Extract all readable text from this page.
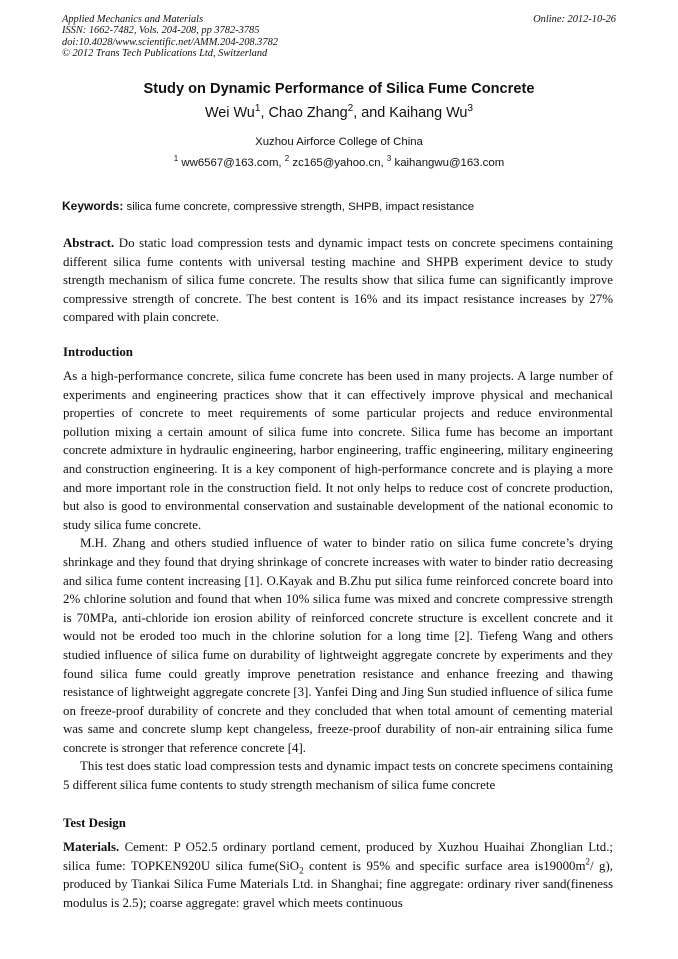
Applied Mechanics and Materials
ISSN: 1662-7482, Vols. 204-208, pp 3782-3785
doi:10.4028/www.scientific.net/AMM.204-208.3782
© 2012 Trans Tech Publications Ltd, Switzerland
Online: 2012-10-26
Study on Dynamic Performance of Silica Fume Concrete
Wei Wu$^1$, Chao Zhang$^2$, and Kaihang Wu$^3$
Xuzhou Airforce College of China
$^1$ ww6567@163.com, $^2$ zc165@yahoo.cn, $^3$ kaihangwu@163.com
Keywords: silica fume concrete, compressive strength, SHPB, impact resistance

Abstract. Do static load compression tests and dynamic impact tests on concrete specimens containing different silica fume contents with universal testing machine and SHPB experiment device to study strength mechanism of silica fume concrete. The results show that silica fume can significantly improve compressive strength of concrete. The best content is 16% and its impact resistance increases by 27% compared with plain concrete.

Introduction

As a high-performance concrete, silica fume concrete has been used in many projects. A large number of experiments and engineering practices show that it can effectively improve physical and mechanical properties of concrete to meet requirements of some particular projects and reduce environmental pollution mixing a certain amount of silica fume into concrete. Silica fume has become an important concrete admixture in hydraulic engineering, harbor engineering, traffic engineering, military engineering and construction engineering. It is a key component of high-performance concrete and is playing a more and more important role in the construction field. It not only helps to reduce cost of concrete production, but also is good to environmental conservation and sustainable development of the national economic to study silica fume concrete.

M.H. Zhang and others studied influence of water to binder ratio on silica fume concrete’s drying shrinkage and they found that drying shrinkage of concrete increases with water to binder ratio decreasing and silica fume content increasing [1]. O.Kayak and B.Zhu put silica fume reinforced concrete board into 2% chlorine solution and found that when 10% silica fume was mixed and concrete compressive strength is 70MPa, anti-chloride ion erosion ability of reinforced concrete structure is excellent concrete and it would not be eroded too much in the chlorine solution for a long time [2]. Tiefeng Wang and others studied influence of silica fume on durability of lightweight aggregate concrete by experiments and they found silica fume could greatly improve penetration resistance and enhance freezing and thawing resistance of lightweight aggregate concrete [3]. Yanfei Ding and Jing Sun studied influence of silica fume on freeze-proof durability of concrete and they concluded that when total amount of cementing material was same and concrete slump kept changeless, freeze-proof durability of non-air entraining silica fume concrete is stronger that reference concrete [4].

This test does static load compression tests and dynamic impact tests on concrete specimens containing 5 different silica fume contents to study strength mechanism of silica fume concrete

Test Design

Materials. Cement: P O52.5 ordinary portland cement, produced by Xuzhou Huaihai Zhonglian Ltd.; silica fume: TOPKEN920U silica fume(SiO$_2$ content is 95% and specific surface area $is19000m^2/$ g), produced by Tiankai Silica Fume Materials Ltd. in Shanghai; fine aggregate: ordinary river sand(fineness modulus is 2.5); coarse aggregate: gravel which meets continuous
